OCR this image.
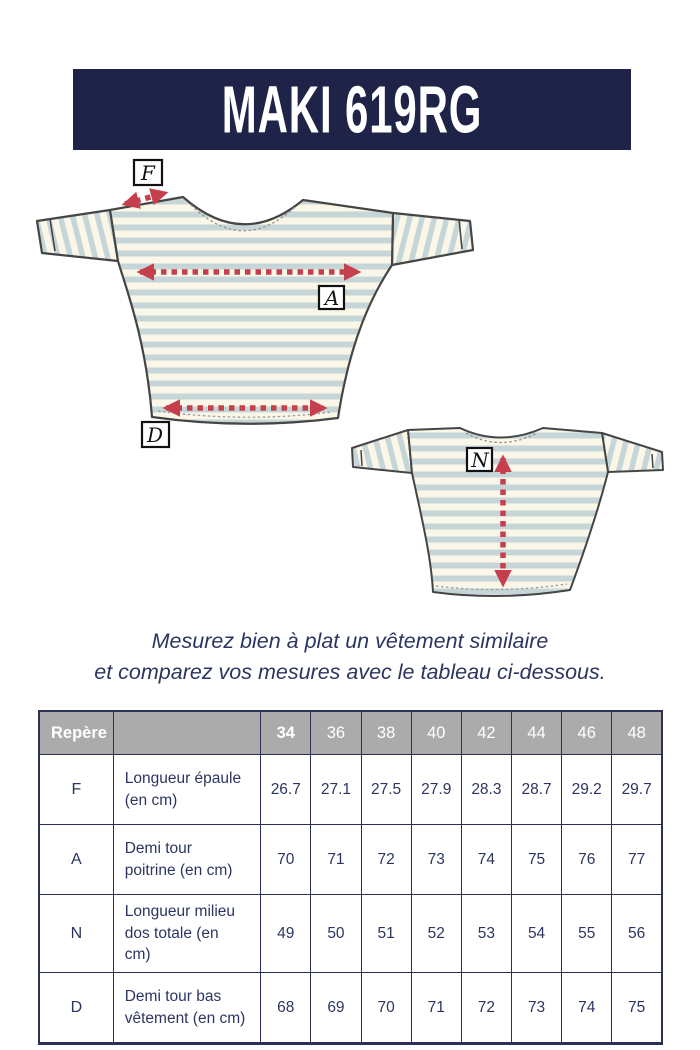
MAKI 619RG
F
A
D
N
Mesurez bien à plat un vêtement similaire
et comparez vos mesures avec le tableau ci-dessous.
Repère		34	36	38	40	42	44	46	48
F	Longueur épaule (en cm)	26.7	27.1	27.5	27.9	28.3	28.7	29.2	29.7
A	Demi tour poitrine (en cm)	70	71	72	73	74	75	76	77
N	Longueur milieu dos totale (en cm)	49	50	51	52	53	54	55	56
D	Demi tour bas vêtement (en cm)	68	69	70	71	72	73	74	75
